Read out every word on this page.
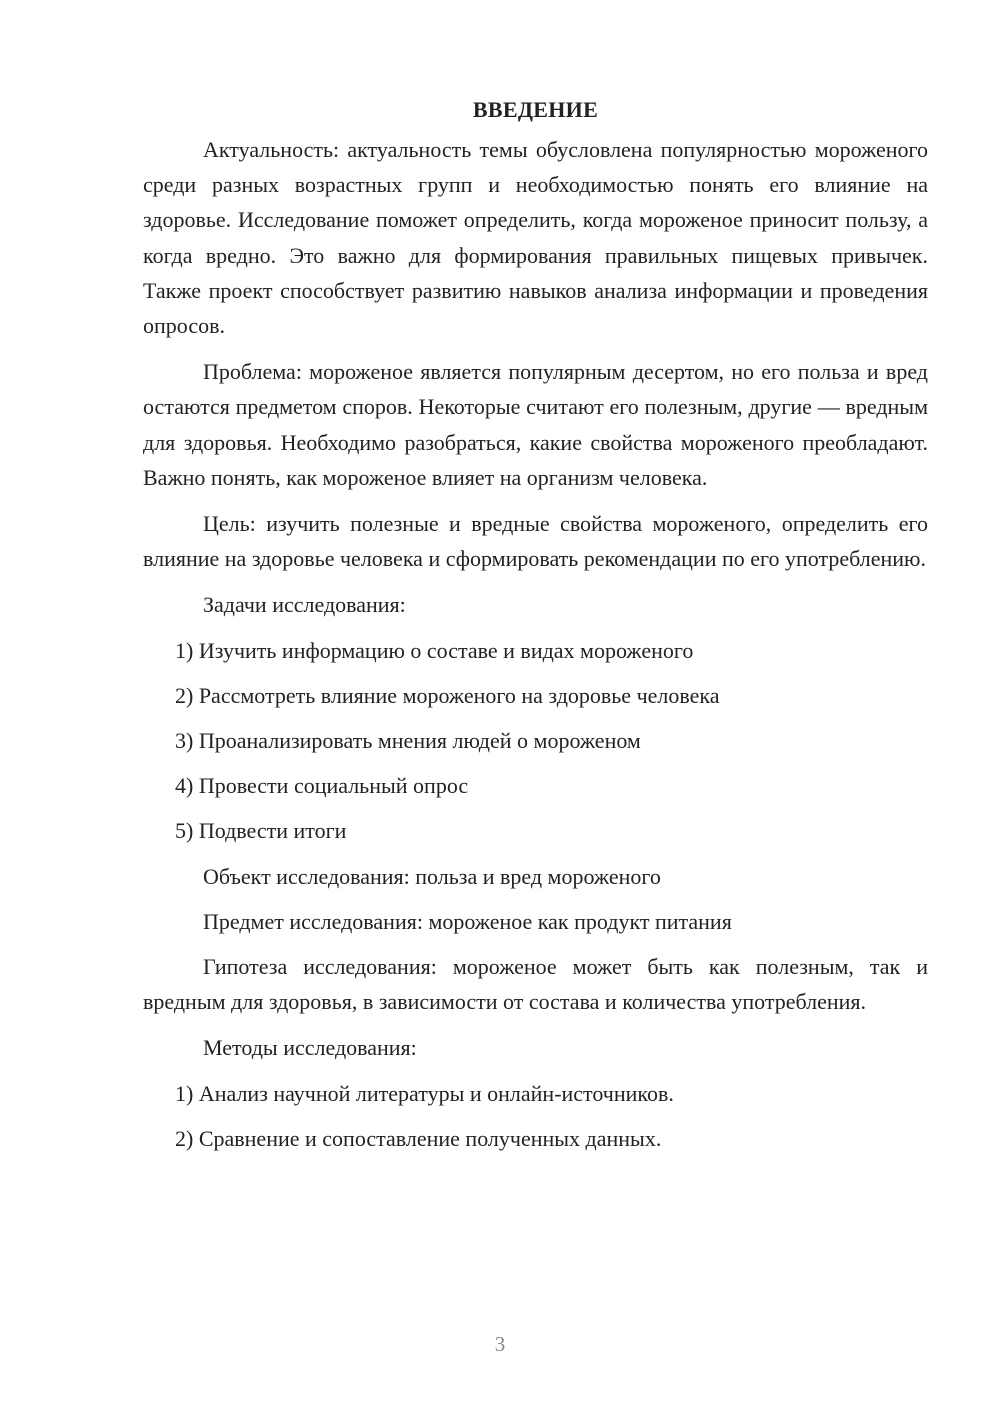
ВВЕДЕНИЕ

Актуальность: актуальность темы обусловлена популярностью мороженого среди разных возрастных групп и необходимостью понять его влияние на здоровье. Исследование поможет определить, когда мороженое приносит пользу, а когда вредно. Это важно для формирования правильных пищевых привычек. Также проект способствует развитию навыков анализа информации и проведения опросов.

Проблема: мороженое является популярным десертом, но его польза и вред остаются предметом споров. Некоторые считают его полезным, другие — вредным для здоровья. Необходимо разобраться, какие свойства мороженого преобладают. Важно понять, как мороженое влияет на организм человека.

Цель: изучить полезные и вредные свойства мороженого, определить его влияние на здоровье человека и сформировать рекомендации по его употреблению.

Задачи исследования:

1) Изучить информацию о составе и видах мороженого
2) Рассмотреть влияние мороженого на здоровье человека
3) Проанализировать мнения людей о мороженом
4) Провести социальный опрос
5) Подвести итоги

Объект исследования: польза и вред мороженого

Предмет исследования: мороженое как продукт питания

Гипотеза исследования: мороженое может быть как полезным, так и вредным для здоровья, в зависимости от состава и количества употребления.

Методы исследования:

1) Анализ научной литературы и онлайн-источников.
2) Сравнение и сопоставление полученных данных.
3
